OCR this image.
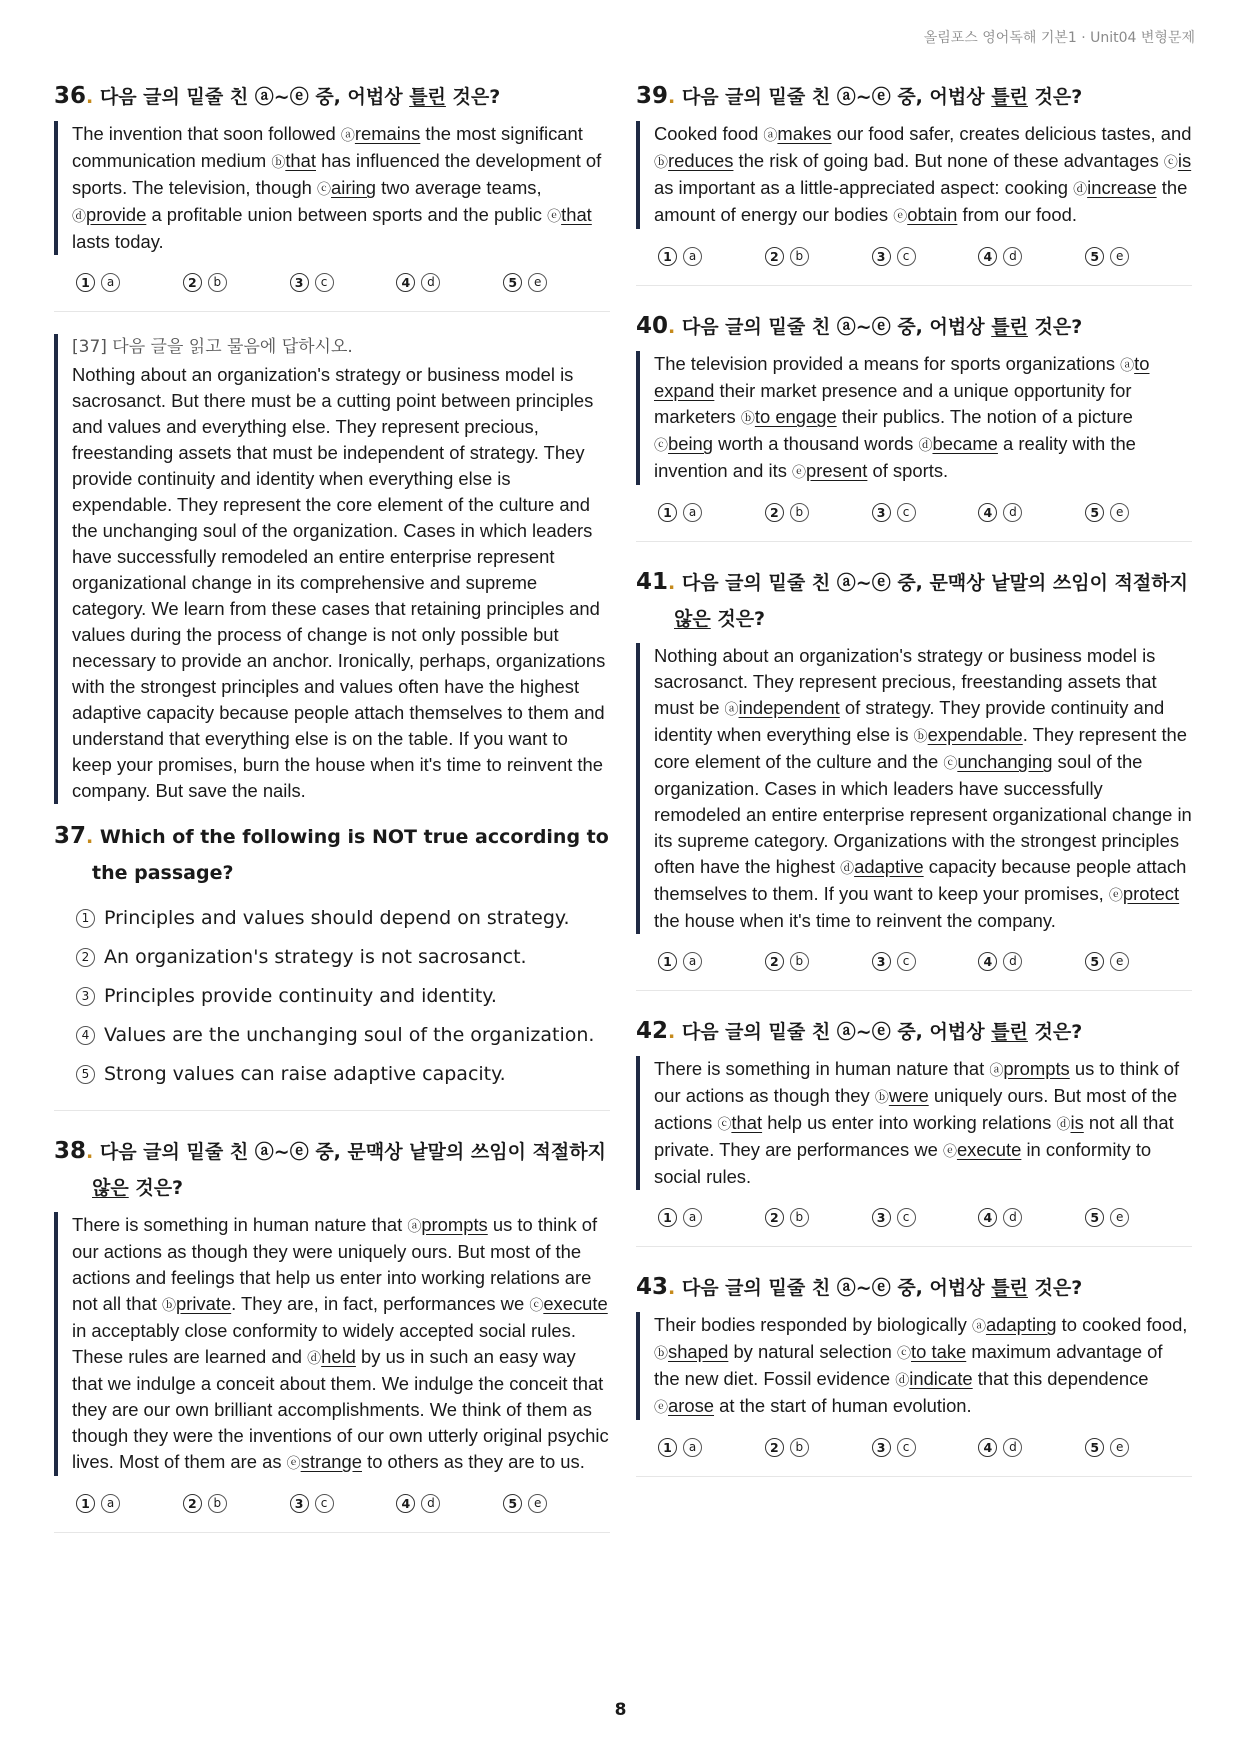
올림포스 영어독해 기본1 · Unit04 변형문제
36. 다음 글의 밑줄 친 ⓐ~ⓔ 중, 어법상 틀린 것은?
The invention that soon followed ⓐremains the most significant communication medium ⓑthat has influenced the development of sports. The television, though ⓒairing two average teams, ⓓprovide a profitable union between sports and the public ⓔthat lasts today.
1	a	2	b	3	c	4	d	5	e
[37] 다음 글을 읽고 물음에 답하시오.
Nothing about an organization's strategy or business model is sacrosanct. But there must be a cutting point between principles and values and everything else. They represent precious, freestanding assets that must be independent of strategy. They provide continuity and identity when everything else is expendable. They represent the core element of the culture and the unchanging soul of the organization. Cases in which leaders have successfully remodeled an entire enterprise represent organizational change in its comprehensive and supreme category. We learn from these cases that retaining principles and values during the process of change is not only possible but necessary to provide an anchor. Ironically, perhaps, organizations with the strongest principles and values often have the highest adaptive capacity because people attach themselves to them and understand that everything else is on the table. If you want to keep your promises, burn the house when it's time to reinvent the company. But save the nails.
37. Which of the following is NOT true according to the passage?
1 Principles and values should depend on strategy.
2 An organization's strategy is not sacrosanct.
3 Principles provide continuity and identity.
4 Values are the unchanging soul of the organization.
5 Strong values can raise adaptive capacity.
38. 다음 글의 밑줄 친 ⓐ~ⓔ 중, 문맥상 낱말의 쓰임이 적절하지 않은 것은?
There is something in human nature that ⓐprompts us to think of our actions as though they were uniquely ours. But most of the actions and feelings that help us enter into working relations are not all that ⓑprivate. They are, in fact, performances we ⓒexecute in acceptably close conformity to widely accepted social rules. These rules are learned and ⓓheld by us in such an easy way that we indulge a conceit about them. We indulge the conceit that they are our own brilliant accomplishments. We think of them as though they were the inventions of our own utterly original psychic lives. Most of them are as ⓔstrange to others as they are to us.
1	a	2	b	3	c	4	d	5	e
39. 다음 글의 밑줄 친 ⓐ~ⓔ 중, 어법상 틀린 것은?
Cooked food ⓐmakes our food safer, creates delicious tastes, and ⓑreduces the risk of going bad. But none of these advantages ⓒis as important as a little-appreciated aspect: cooking ⓓincrease the amount of energy our bodies ⓔobtain from our food.
1	a	2	b	3	c	4	d	5	e
40. 다음 글의 밑줄 친 ⓐ~ⓔ 중, 어법상 틀린 것은?
The television provided a means for sports organizations ⓐto expand their market presence and a unique opportunity for marketers ⓑto engage their publics. The notion of a picture ⓒbeing worth a thousand words ⓓbecame a reality with the invention and its ⓔpresent of sports.
1	a	2	b	3	c	4	d	5	e
41. 다음 글의 밑줄 친 ⓐ~ⓔ 중, 문맥상 낱말의 쓰임이 적절하지 않은 것은?
Nothing about an organization's strategy or business model is sacrosanct. They represent precious, freestanding assets that must be ⓐindependent of strategy. They provide continuity and identity when everything else is ⓑexpendable. They represent the core element of the culture and the ⓒunchanging soul of the organization. Cases in which leaders have successfully remodeled an entire enterprise represent organizational change in its supreme category. Organizations with the strongest principles often have the highest ⓓadaptive capacity because people attach themselves to them. If you want to keep your promises, ⓔprotect the house when it's time to reinvent the company.
1	a	2	b	3	c	4	d	5	e
42. 다음 글의 밑줄 친 ⓐ~ⓔ 중, 어법상 틀린 것은?
There is something in human nature that ⓐprompts us to think of our actions as though they ⓑwere uniquely ours. But most of the actions ⓒthat help us enter into working relations ⓓis not all that private. They are performances we ⓔexecute in conformity to social rules.
1	a	2	b	3	c	4	d	5	e
43. 다음 글의 밑줄 친 ⓐ~ⓔ 중, 어법상 틀린 것은?
Their bodies responded by biologically ⓐadapting to cooked food, ⓑshaped by natural selection ⓒto take maximum advantage of the new diet. Fossil evidence ⓓindicate that this dependence ⓔarose at the start of human evolution.
1	a	2	b	3	c	4	d	5	e
8
